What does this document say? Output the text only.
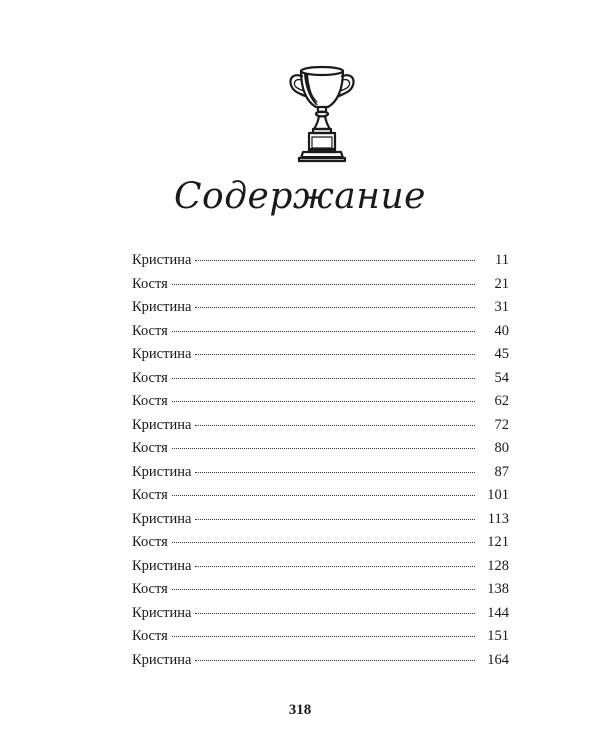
Содержание
Кристина	11
Костя	21
Кристина	31
Костя	40
Кристина	45
Костя	54
Костя	62
Кристина	72
Костя	80
Кристина	87
Костя	101
Кристина	113
Костя	121
Кристина	128
Костя	138
Кристина	144
Костя	151
Кристина	164
318
